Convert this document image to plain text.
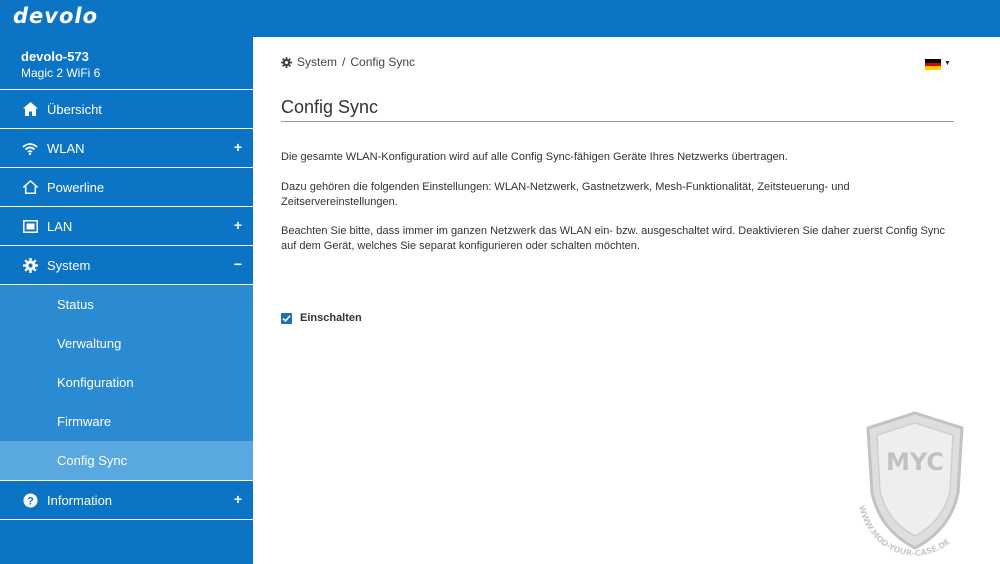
devolo
devolo-573
Magic 2 WiFi 6
Übersicht
WLAN	+
Powerline
LAN	+
System	−
Status
Verwaltung
Konfiguration
Firmware
Config Sync
? Information	+
System / Config Sync	▼
Config Sync
Die gesamte WLAN-Konfiguration wird auf alle Config Sync-fähigen Geräte Ihres Netzwerks übertragen.
Dazu gehören die folgenden Einstellungen: WLAN-Netzwerk, Gastnetzwerk, Mesh-Funktionalität, Zeitsteuerung- und Zeitservereinstellungen.
Beachten Sie bitte, dass immer im ganzen Netzwerk das WLAN ein- bzw. ausgeschaltet wird. Deaktivieren Sie daher zuerst Config Sync auf dem Gerät, welches Sie separat konfigurieren oder schalten möchten.
Einschalten
MYC
WWW.MOD-YOUR-CASE.DE
